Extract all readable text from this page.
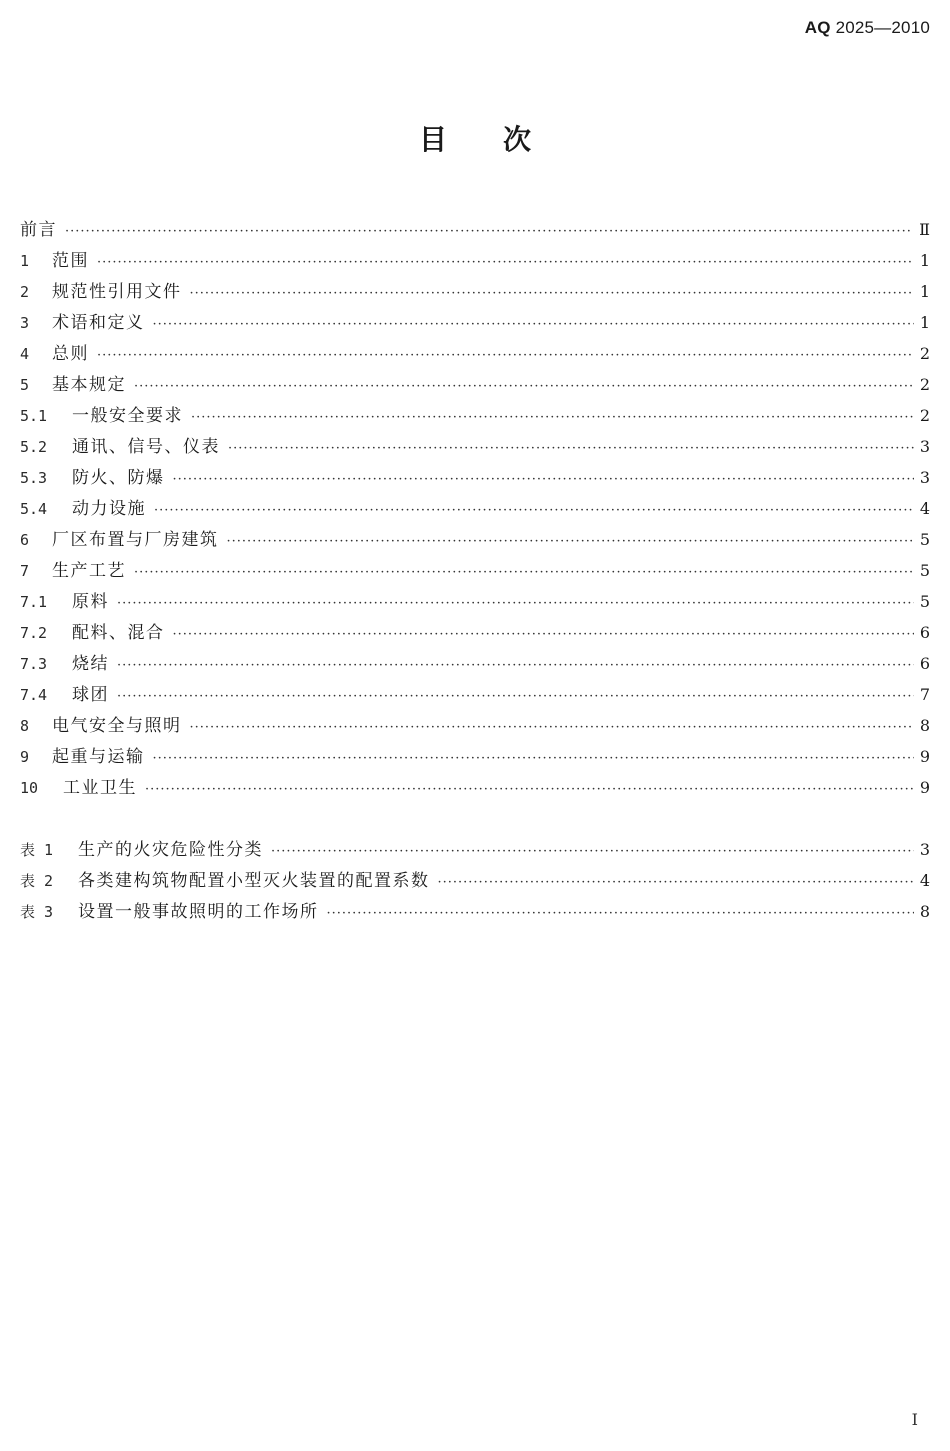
AQ 2025—2010
目次
前言 ·····	Ⅱ
1	范围 ·····	1
2	规范性引用文件 ·····	1
3	术语和定义 ·····	1
4	总则 ·····	2
5	基本规定 ·····	2
5.1	一般安全要求 ·····	2
5.2	通讯、信号、仪表 ·····	3
5.3	防火、防爆 ·····	3
5.4	动力设施 ·····	4
6	厂区布置与厂房建筑 ·····	5
7	生产工艺 ·····	5
7.1	原料 ·····	5
7.2	配料、混合 ·····	6
7.3	烧结 ·····	6
7.4	球团 ·····	7
8	电气安全与照明 ·····	8
9	起重与运输 ·····	9
10	工业卫生 ·····	9
表 1	生产的火灾危险性分类 ·····	3
表 2	各类建构筑物配置小型灭火装置的配置系数 ·····	4
表 3	设置一般事故照明的工作场所 ·····	8
Ⅰ
